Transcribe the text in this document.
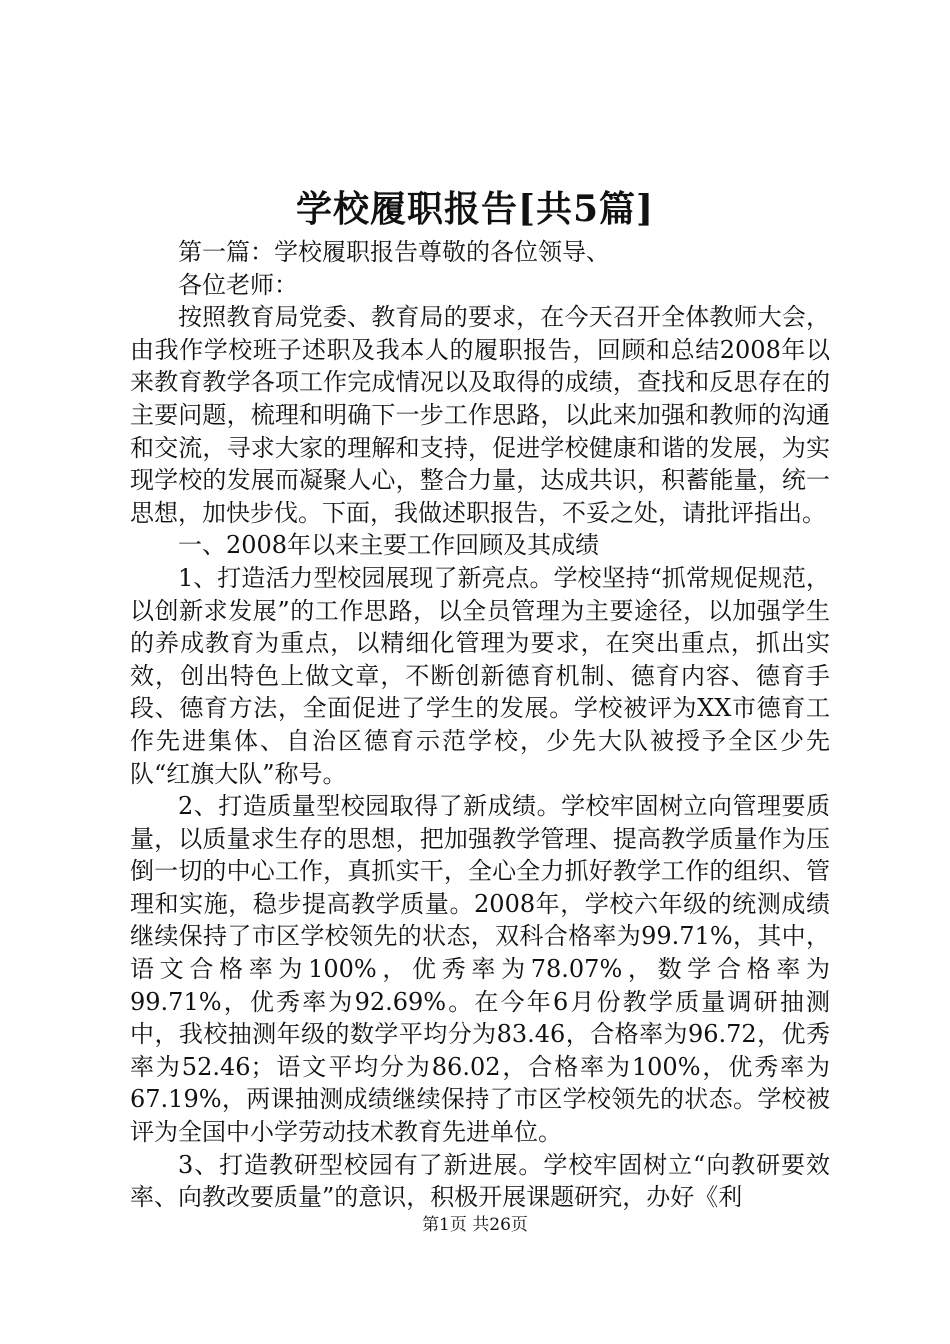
学校履职报告[共5篇]

第一篇：学校履职报告尊敬的各位领导、

各位老师：

按照教育局党委、教育局的要求，在今天召开全体教师大会，由我作学校班子述职及我本人的履职报告，回顾和总结2008年以来教育教学各项工作完成情况以及取得的成绩，查找和反思存在的主要问题，梳理和明确下一步工作思路，以此来加强和教师的沟通和交流，寻求大家的理解和支持，促进学校健康和谐的发展，为实现学校的发展而凝聚人心，整合力量，达成共识，积蓄能量，统一思想，加快步伐。下面，我做述职报告，不妥之处，请批评指出。

一、2008年以来主要工作回顾及其成绩

1、打造活力型校园展现了新亮点。学校坚持“抓常规促规范，以创新求发展”的工作思路，以全员管理为主要途径，以加强学生的养成教育为重点，以精细化管理为要求，在突出重点，抓出实效，创出特色上做文章，不断创新德育机制、德育内容、德育手段、德育方法，全面促进了学生的发展。学校被评为XX市德育工作先进集体、自治区德育示范学校，少先大队被授予全区少先队“红旗大队”称号。

2、打造质量型校园取得了新成绩。学校牢固树立向管理要质量，以质量求生存的思想，把加强教学管理、提高教学质量作为压倒一切的中心工作，真抓实干，全心全力抓好教学工作的组织、管理和实施，稳步提高教学质量。2008年，学校六年级的统测成绩继续保持了市区学校领先的状态，双科合格率为99.71%，其中，语文合格率为100%，优秀率为78.07%，数学合格率为99.71%，优秀率为92.69%。在今年6月份教学质量调研抽测中，我校抽测年级的数学平均分为83.46，合格率为96.72，优秀率为52.46；语文平均分为86.02，合格率为100%，优秀率为67.19%，两课抽测成绩继续保持了市区学校领先的状态。学校被评为全国中小学劳动技术教育先进单位。

3、打造教研型校园有了新进展。学校牢固树立“向教研要效率、向教改要质量”的意识，积极开展课题研究，办好《利

第1页 共26页
